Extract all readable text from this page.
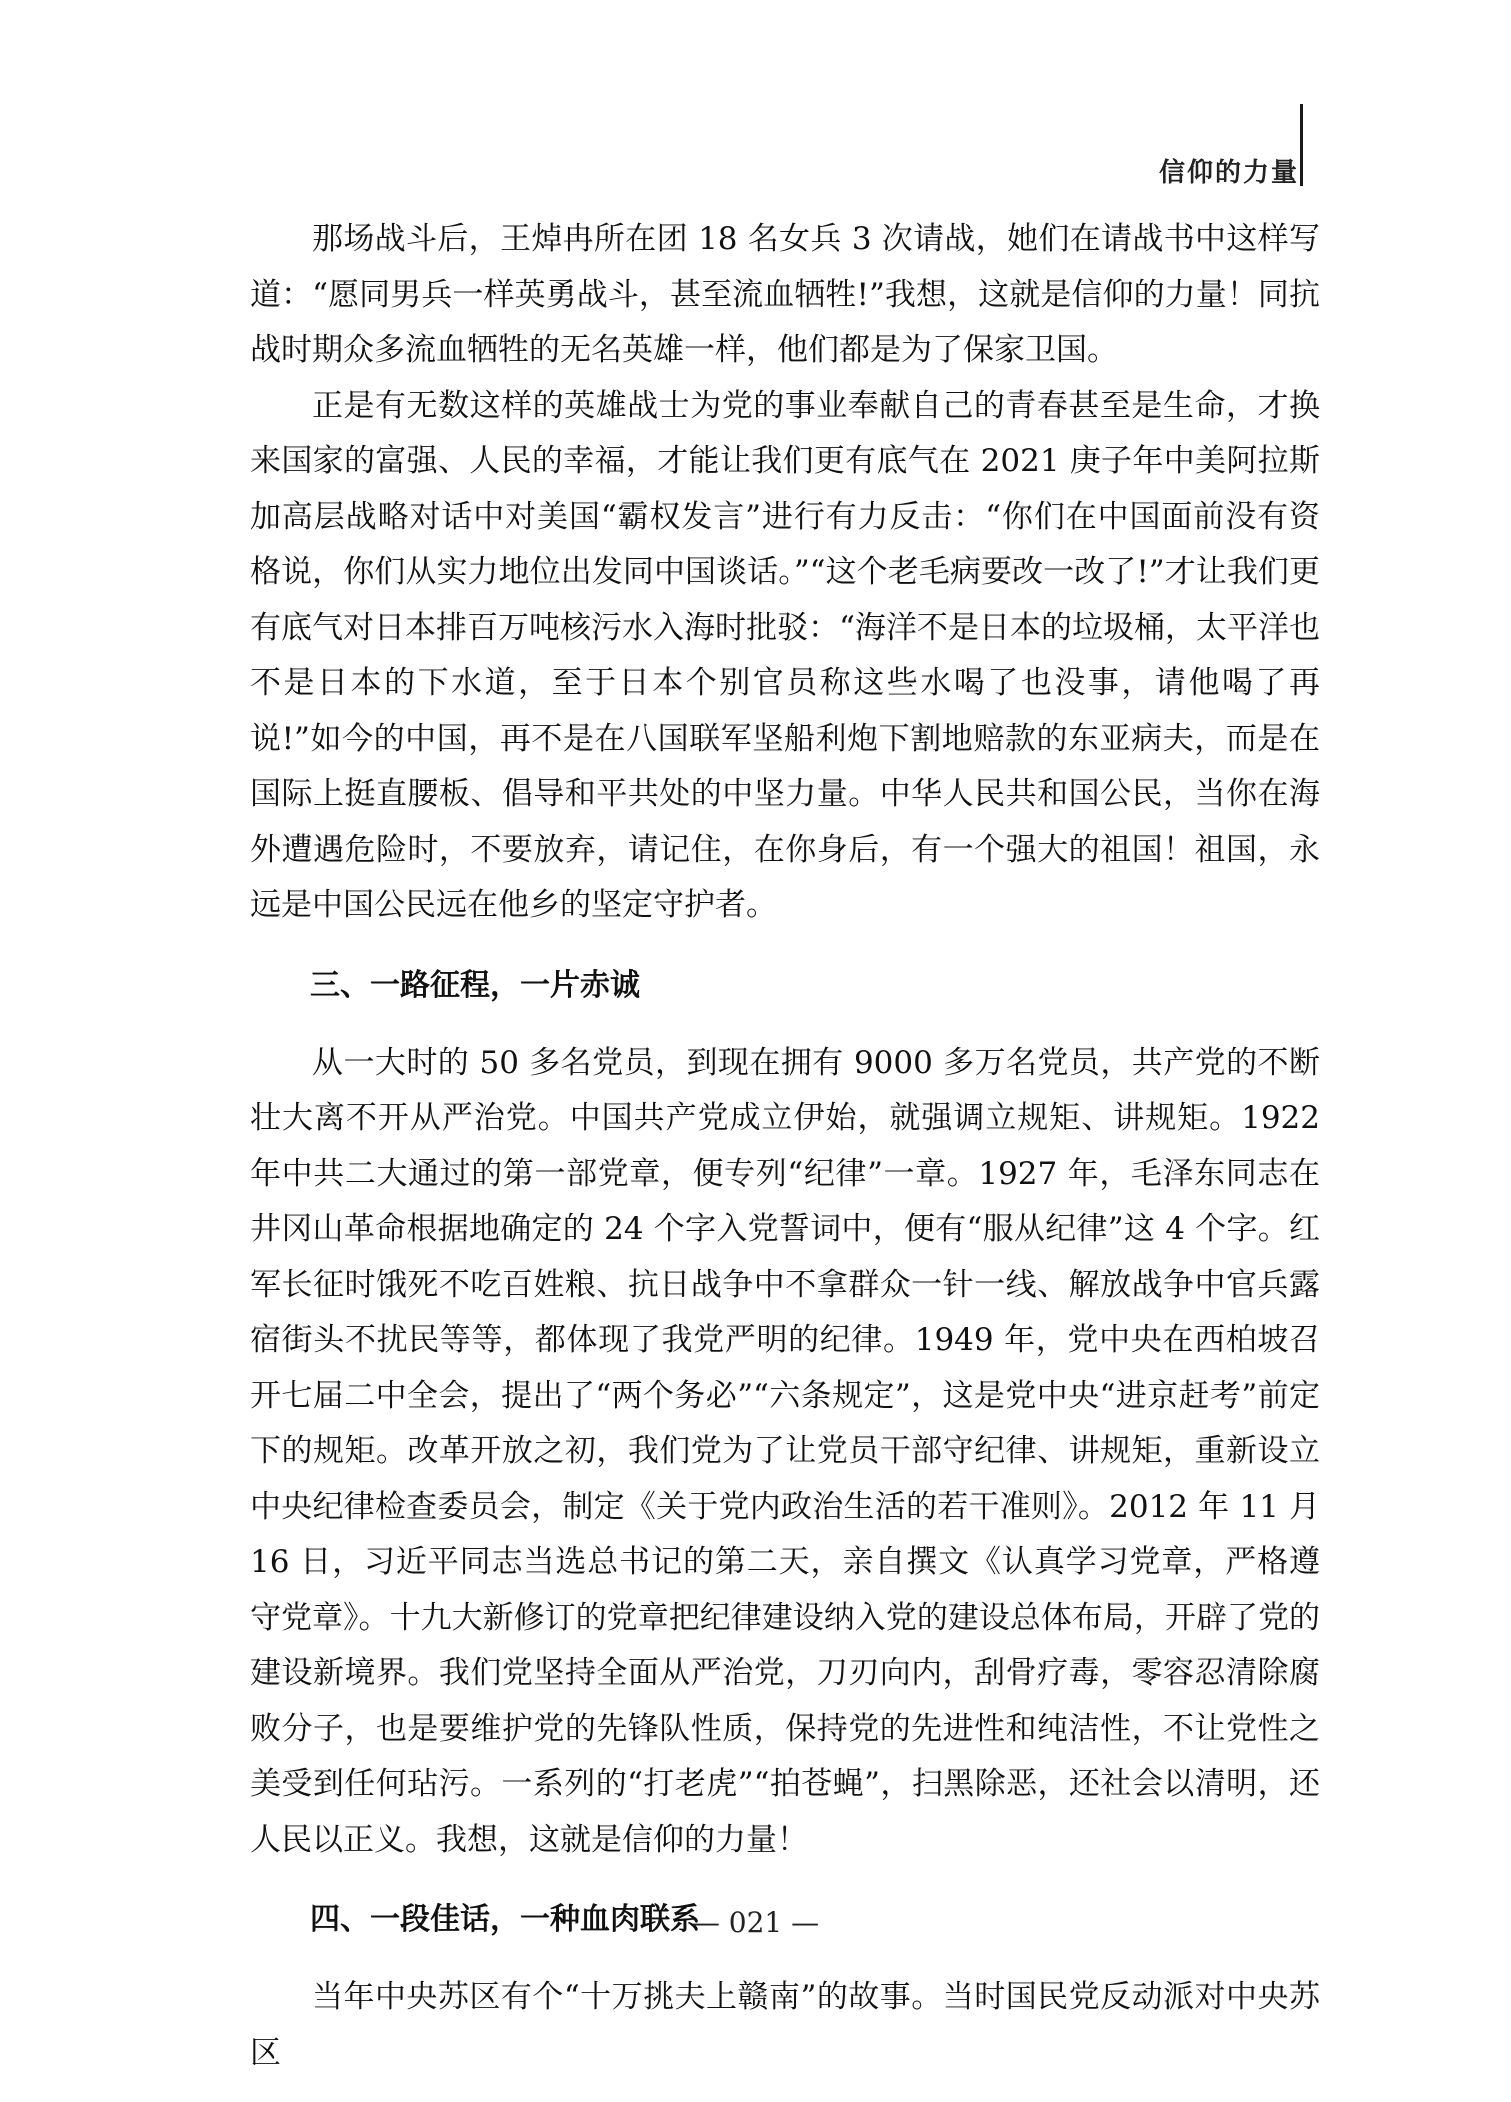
信仰的力量

那场战斗后，王焯冉所在团 18 名女兵 3 次请战，她们在请战书中这样写道：“愿同男兵一样英勇战斗，甚至流血牺牲!”我想，这就是信仰的力量！同抗战时期众多流血牺牲的无名英雄一样，他们都是为了保家卫国。

正是有无数这样的英雄战士为党的事业奉献自己的青春甚至是生命，才换来国家的富强、人民的幸福，才能让我们更有底气在 2021 庚子年中美阿拉斯加高层战略对话中对美国“霸权发言”进行有力反击：“你们在中国面前没有资格说，你们从实力地位出发同中国谈话。”“这个老毛病要改一改了!”才让我们更有底气对日本排百万吨核污水入海时批驳：“海洋不是日本的垃圾桶，太平洋也不是日本的下水道，至于日本个别官员称这些水喝了也没事，请他喝了再说!”如今的中国，再不是在八国联军坚船利炮下割地赔款的东亚病夫，而是在国际上挺直腰板、倡导和平共处的中坚力量。中华人民共和国公民，当你在海外遭遇危险时，不要放弃，请记住，在你身后，有一个强大的祖国！祖国，永远是中国公民远在他乡的坚定守护者。

三、一路征程，一片赤诚

从一大时的 50 多名党员，到现在拥有 9000 多万名党员，共产党的不断壮大离不开从严治党。中国共产党成立伊始，就强调立规矩、讲规矩。1922 年中共二大通过的第一部党章，便专列“纪律”一章。1927 年，毛泽东同志在井冈山革命根据地确定的 24 个字入党誓词中，便有“服从纪律”这 4 个字。红军长征时饿死不吃百姓粮、抗日战争中不拿群众一针一线、解放战争中官兵露宿街头不扰民等等，都体现了我党严明的纪律。1949 年，党中央在西柏坡召开七届二中全会，提出了“两个务必”“六条规定”，这是党中央“进京赶考”前定下的规矩。改革开放之初，我们党为了让党员干部守纪律、讲规矩，重新设立中央纪律检查委员会，制定《关于党内政治生活的若干准则》。2012 年 11 月 16 日，习近平同志当选总书记的第二天，亲自撰文《认真学习党章，严格遵守党章》。十九大新修订的党章把纪律建设纳入党的建设总体布局，开辟了党的建设新境界。我们党坚持全面从严治党，刀刃向内，刮骨疗毒，零容忍清除腐败分子，也是要维护党的先锋队性质，保持党的先进性和纯洁性，不让党性之美受到任何玷污。一系列的“打老虎”“拍苍蝇”，扫黑除恶，还社会以清明，还人民以正义。我想，这就是信仰的力量！

四、一段佳话，一种血肉联系

当年中央苏区有个“十万挑夫上赣南”的故事。当时国民党反动派对中央苏区

— 021 —
